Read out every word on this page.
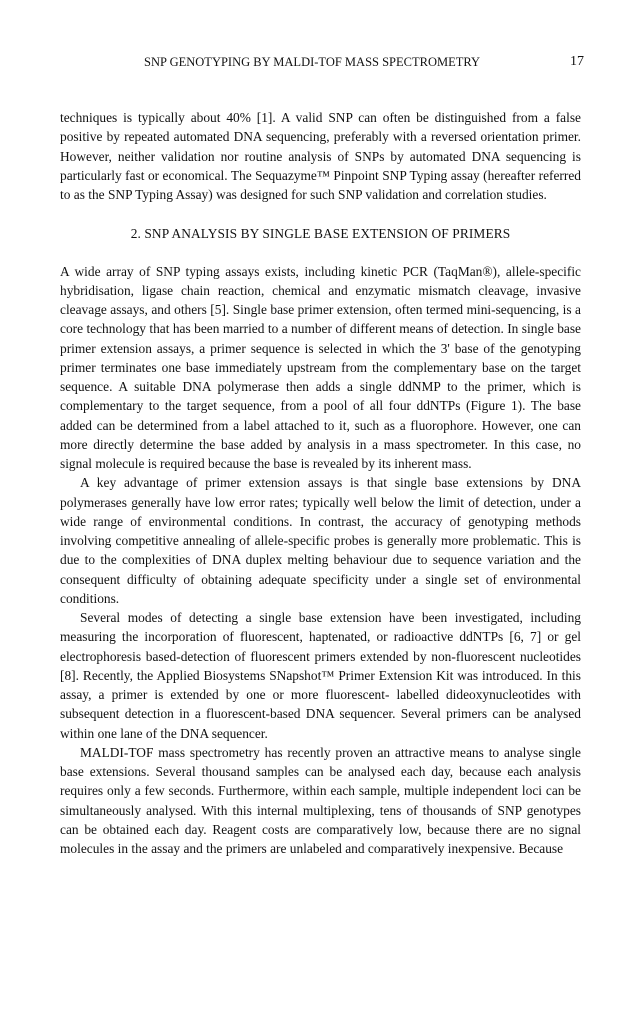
SNP GENOTYPING BY MALDI-TOF MASS SPECTROMETRY	17

techniques is typically about 40% [1]. A valid SNP can often be distinguished from a false positive by repeated automated DNA sequencing, preferably with a reversed orientation primer. However, neither validation nor routine analysis of SNPs by automated DNA sequencing is particularly fast or economical. The Sequazyme™ Pinpoint SNP Typing assay (hereafter referred to as the SNP Typing Assay) was designed for such SNP validation and correlation studies.

2. SNP ANALYSIS BY SINGLE BASE EXTENSION OF PRIMERS

A wide array of SNP typing assays exists, including kinetic PCR (TaqMan®), allele-specific hybridisation, ligase chain reaction, chemical and enzymatic mismatch cleavage, invasive cleavage assays, and others [5]. Single base primer extension, often termed mini-sequencing, is a core technology that has been married to a number of different means of detection. In single base primer extension assays, a primer sequence is selected in which the 3' base of the genotyping primer terminates one base immediately upstream from the complementary base on the target sequence. A suitable DNA polymerase then adds a single ddNMP to the primer, which is complementary to the target sequence, from a pool of all four ddNTPs (Figure 1). The base added can be determined from a label attached to it, such as a fluorophore. However, one can more directly determine the base added by analysis in a mass spectrometer. In this case, no signal molecule is required because the base is revealed by its inherent mass.

A key advantage of primer extension assays is that single base extensions by DNA polymerases generally have low error rates; typically well below the limit of detection, under a wide range of environmental conditions. In contrast, the accuracy of genotyping methods involving competitive annealing of allele-specific probes is generally more problematic. This is due to the complexities of DNA duplex melting behaviour due to sequence variation and the consequent difficulty of obtaining adequate specificity under a single set of environmental conditions.

Several modes of detecting a single base extension have been investigated, including measuring the incorporation of fluorescent, haptenated, or radioactive ddNTPs [6, 7] or gel electrophoresis based-detection of fluorescent primers extended by non-fluorescent nucleotides [8]. Recently, the Applied Biosystems SNapshot™ Primer Extension Kit was introduced. In this assay, a primer is extended by one or more fluorescent- labelled dideoxynucleotides with subsequent detection in a fluorescent-based DNA sequencer. Several primers can be analysed within one lane of the DNA sequencer.

MALDI-TOF mass spectrometry has recently proven an attractive means to analyse single base extensions. Several thousand samples can be analysed each day, because each analysis requires only a few seconds. Furthermore, within each sample, multiple independent loci can be simultaneously analysed. With this internal multiplexing, tens of thousands of SNP genotypes can be obtained each day. Reagent costs are comparatively low, because there are no signal molecules in the assay and the primers are unlabeled and comparatively inexpensive. Because
